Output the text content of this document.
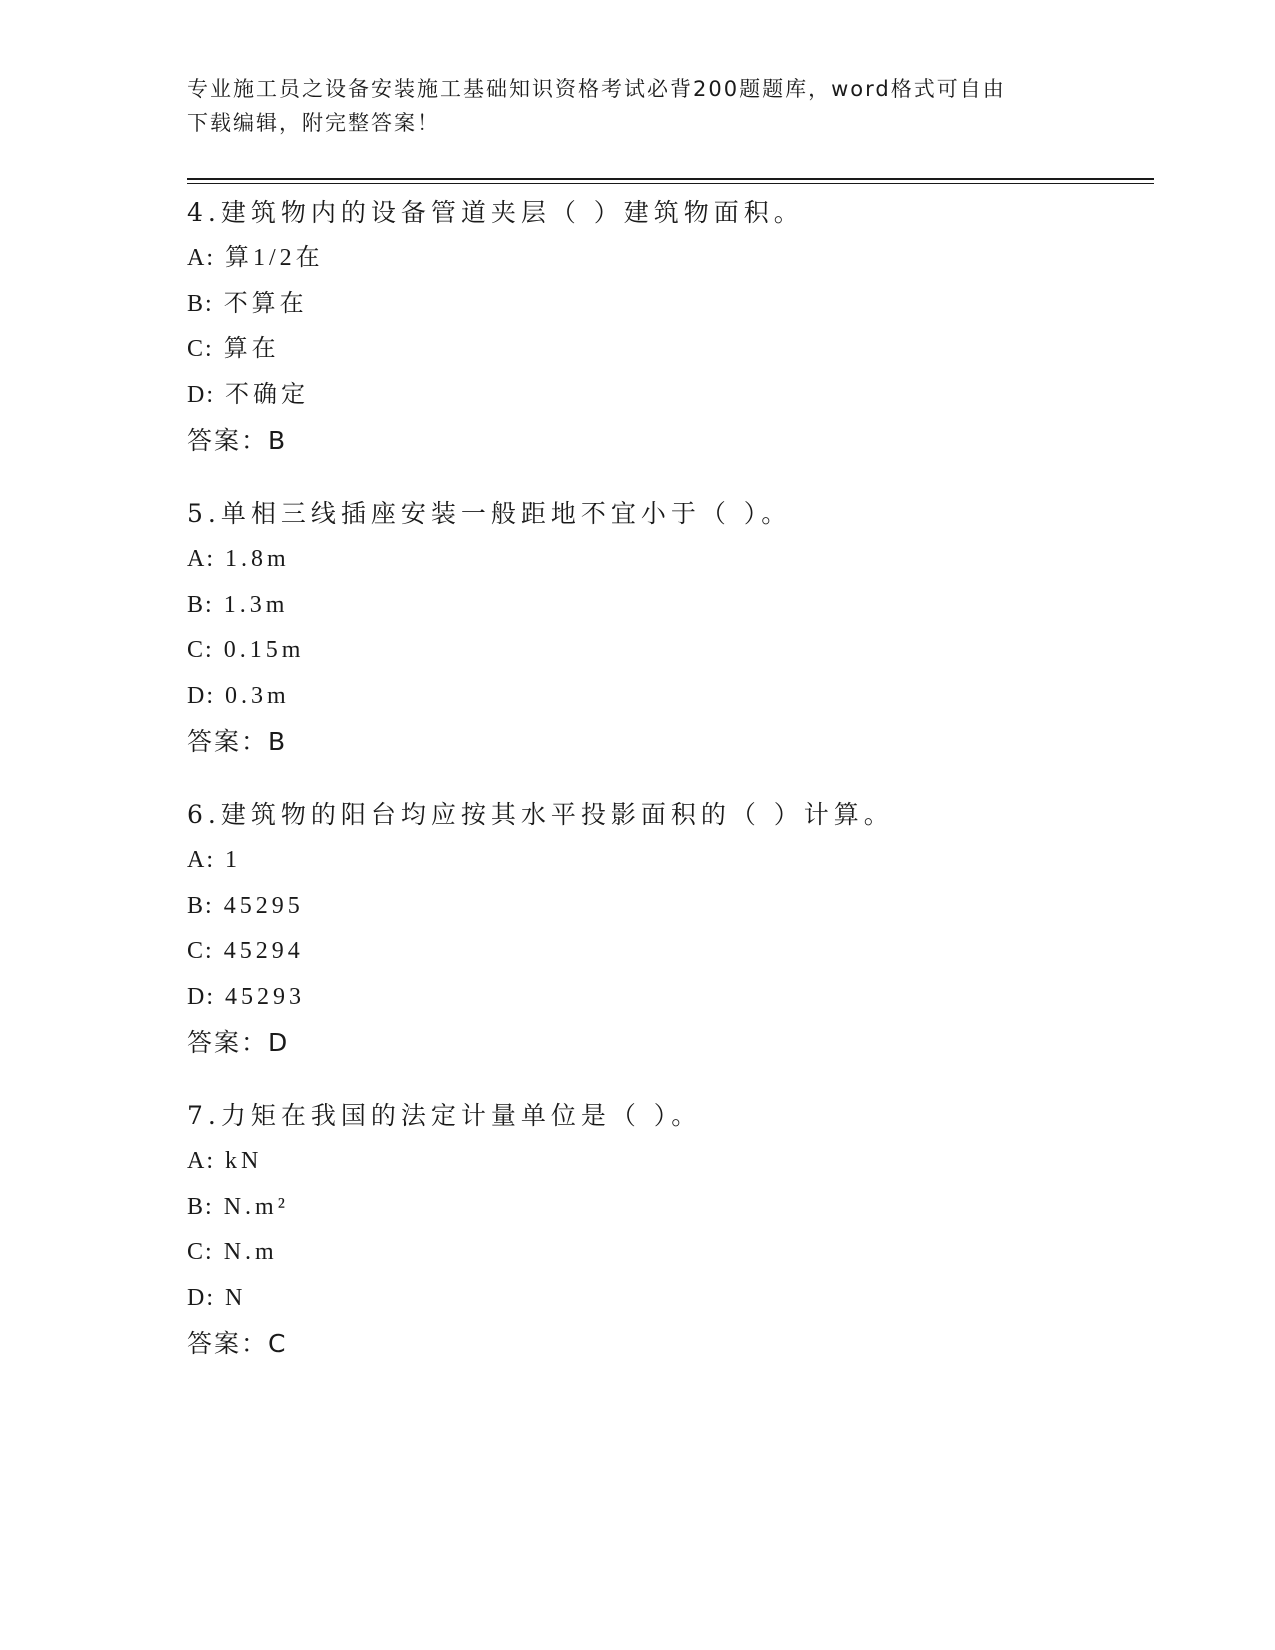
专业施工员之设备安装施工基础知识资格考试必背200题题库，word格式可自由
下载编辑，附完整答案！
4.建筑物内的设备管道夹层（ ）建筑物面积。
A: 算1/2在
B: 不算在
C: 算在
D: 不确定
答案：B
5.单相三线插座安装一般距地不宜小于（ ）。
A: 1.8m
B: 1.3m
C: 0.15m
D: 0.3m
答案：B
6.建筑物的阳台均应按其水平投影面积的（ ）计算。
A: 1
B: 45295
C: 45294
D: 45293
答案：D
7.力矩在我国的法定计量单位是（ ）。
A: kN
B: N.m²
C: N.m
D: N
答案：C
